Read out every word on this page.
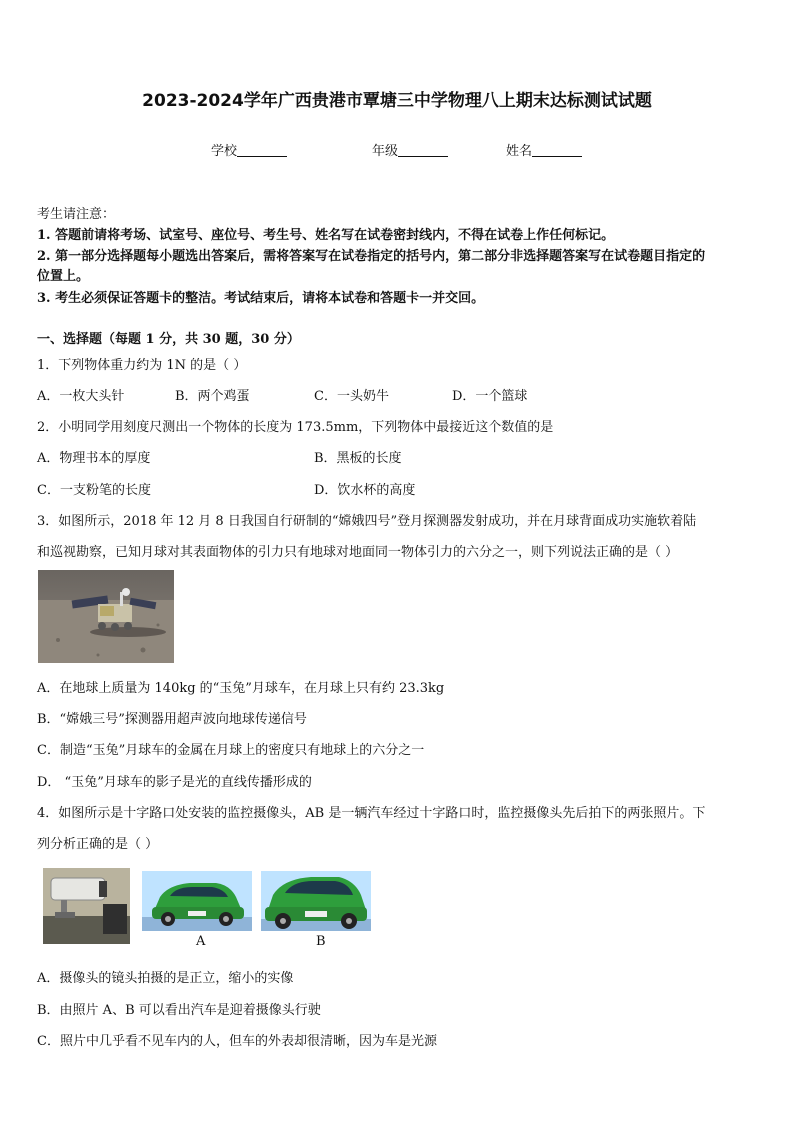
2023-2024学年广西贵港市覃塘三中学物理八上期末达标测试试题
学校	年级	姓名
考生请注意：
1. 答题前请将考场、试室号、座位号、考生号、姓名写在试卷密封线内，不得在试卷上作任何标记。
2. 第一部分选择题每小题选出答案后，需将答案写在试卷指定的括号内，第二部分非选择题答案写在试卷题目指定的
位置上。
3. 考生必须保证答题卡的整洁。考试结束后，请将本试卷和答题卡一并交回。
一、选择题（每题 1 分，共 30 题，30 分）
1．下列物体重力约为 1N 的是（ ）
A．一枚大头针	B．两个鸡蛋	C．一头奶牛	D．一个篮球
2．小明同学用刻度尺测出一个物体的长度为 173.5mm，下列物体中最接近这个数值的是
A．物理书本的厚度	B．黑板的长度
C．一支粉笔的长度	D．饮水杯的高度
3．如图所示，2018 年 12 月 8 日我国自行研制的“嫦娥四号”登月探测器发射成功，并在月球背面成功实施软着陆
和巡视勘察，已知月球对其表面物体的引力只有地球对地面同一物体引力的六分之一，则下列说法正确的是（ ）
A．在地球上质量为 140kg 的“玉兔”月球车，在月球上只有约 23.3kg
B．“嫦娥三号”探测器用超声波向地球传递信号
C．制造“玉兔”月球车的金属在月球上的密度只有地球上的六分之一
D． “玉兔”月球车的影子是光的直线传播形成的
4．如图所示是十字路口处安装的监控摄像头，AB 是一辆汽车经过十字路口时，监控摄像头先后拍下的两张照片。下
列分析正确的是（ ）
A	B
A．摄像头的镜头拍摄的是正立，缩小的实像
B．由照片 A、B 可以看出汽车是迎着摄像头行驶
C．照片中几乎看不见车内的人，但车的外表却很清晰，因为车是光源
